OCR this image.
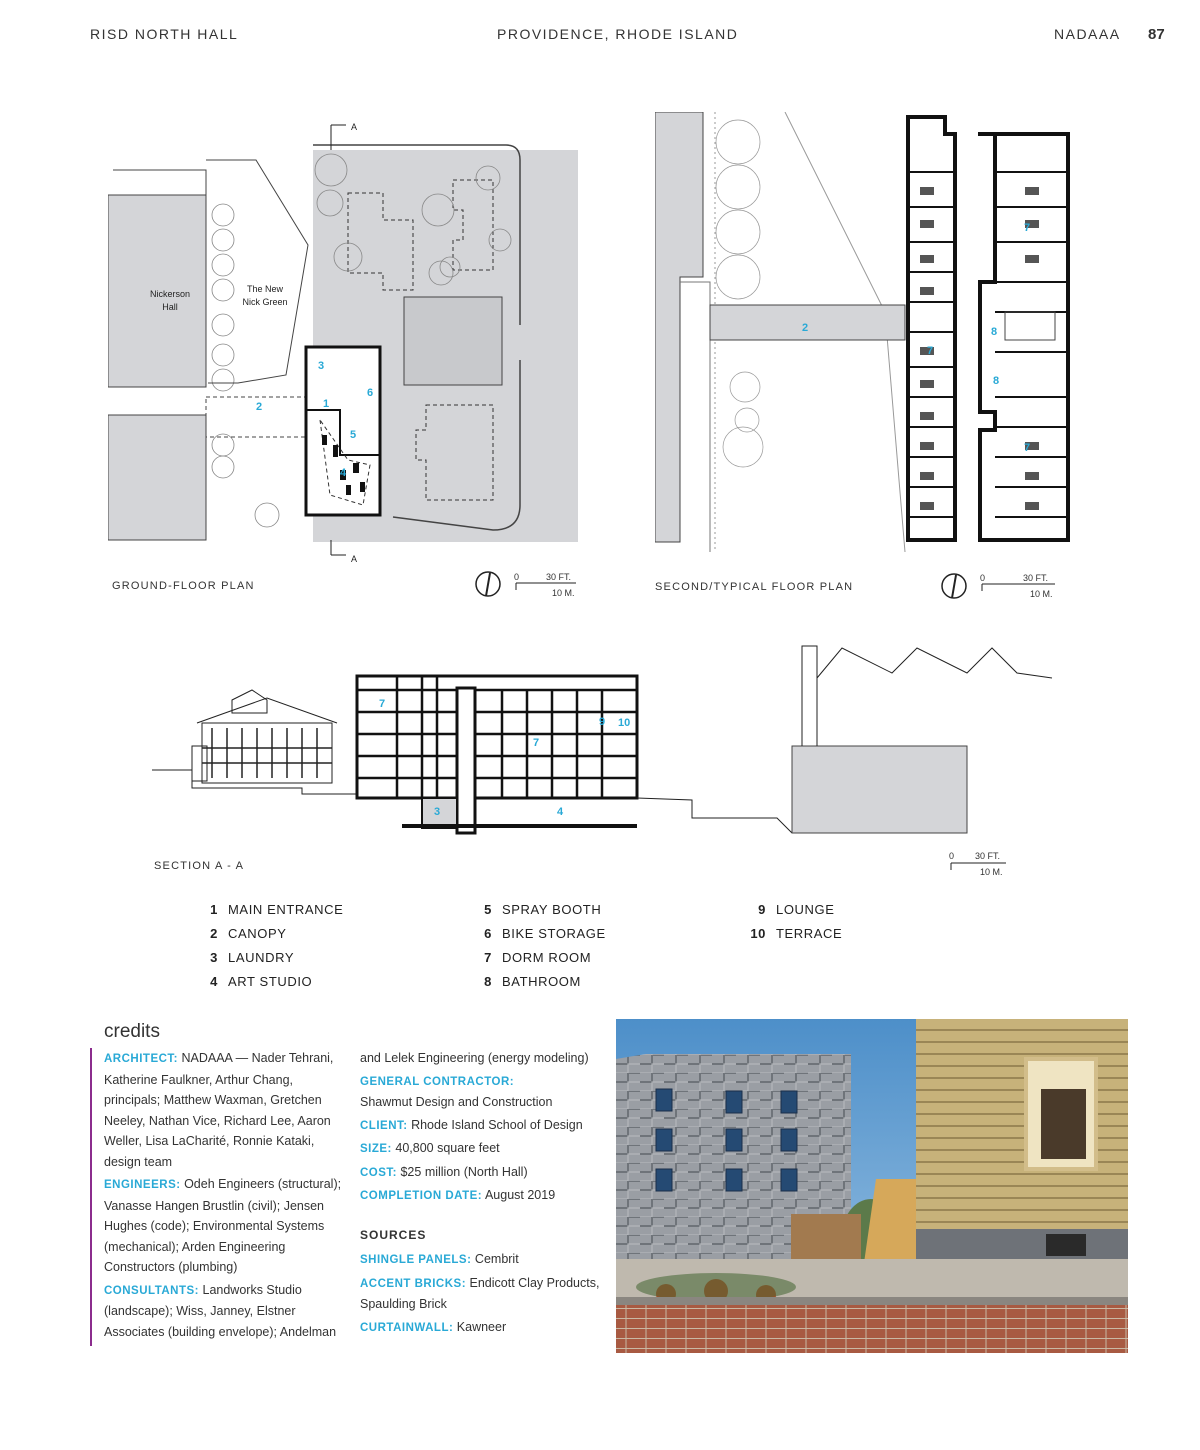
RISD NORTH HALL	PROVIDENCE, RHODE ISLAND	NADAAA 87
A
A
Nickerson
Hall
The New
Nick Green
1
2
3
4
5
6
GROUND-FLOOR PLAN
0	30 FT.
10 M.
2
7
7
8
8
7
SECOND/TYPICAL FLOOR PLAN
0	30 FT.
10 M.
7
7
9 10
3	4
SECTION A - A
0 30 FT.
10 M.
1 MAIN ENTRANCE
2 CANOPY
3 LAUNDRY
4 ART STUDIO
5 SPRAY BOOTH
6 BIKE STORAGE
7 DORM ROOM
8 BATHROOM
9 LOUNGE
10 TERRACE
credits

ARCHITECT: NADAAA — Nader Tehrani, Katherine Faulkner, Arthur Chang, principals; Matthew Waxman, Gretchen Neeley, Nathan Vice, Richard Lee, Aaron Weller, Lisa LaCharité, Ronnie Kataki, design team

ENGINEERS: Odeh Engineers (structural); Vanasse Hangen Brustlin (civil); Jensen Hughes (code); Environmental Systems (mechanical); Arden Engineering Constructors (plumbing)

CONSULTANTS: Landworks Studio (landscape); Wiss, Janney, Elstner Associates (building envelope); Andelman

and Lelek Engineering (energy modeling)

GENERAL CONTRACTOR:
Shawmut Design and Construction

CLIENT: Rhode Island School of Design

SIZE: 40,800 square feet

COST: $25 million (North Hall)

COMPLETION DATE: August 2019

SOURCES

SHINGLE PANELS: Cembrit

ACCENT BRICKS: Endicott Clay Products, Spaulding Brick

CURTAINWALL: Kawneer
